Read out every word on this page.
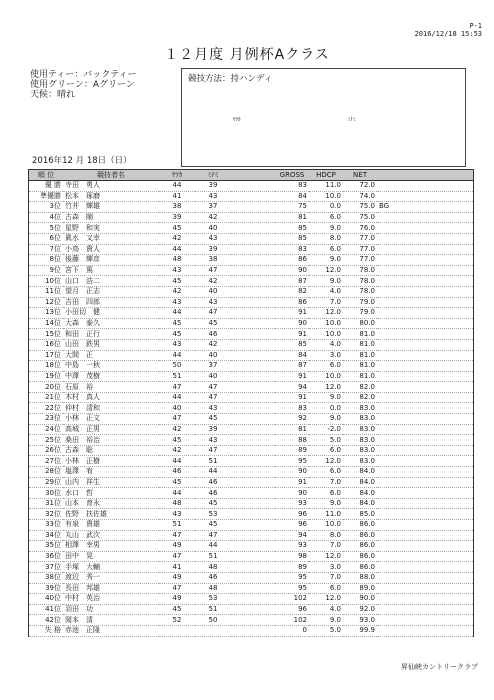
P-1
2016/12/18 15:53
１２月度 月例杯Aクラス
使用ティー：バックティー
使用グリーン：Aグリーン
天候：晴れ
競技方法：持ハンディ
ﾔﾜｶ	ﾐﾅﾐ
2016年12 月 18日（日）
順 位	競技者名	ﾔﾜｶ	ﾐﾅﾐ		GROSS	HDCP	NET	
優 勝	寺田　勇人	44	39		83	11.0	72.0	
準優勝	松本　琢磨	41	43		84	10.0	74.0	
3位	竹井　輝雄	38	37		75	0.0	75.0	BG
4位	古森　剛	39	42		81	6.0	75.0	
5位	星野　和実	45	40		85	9.0	76.0	
6位	眞水　又幸	42	43		85	8.0	77.0	
7位	小鳥　貴人	44	39		83	6.0	77.0	
8位	後藤　輝彦	48	38		86	9.0	77.0	
9位	宮下　篤	43	47		90	12.0	78.0	
10位	山口　浩二	45	42		87	9.0	78.0	
11位	望月　正志	42	40		82	4.0	78.0	
12位	吉田　四郎	43	43		86	7.0	79.0	
13位	小田切　健	44	47		91	12.0	79.0	
14位	大森　泰久	45	45		90	10.0	80.0	
15位	和田　正行	45	46		91	10.0	81.0	
16位	山田　鉄男	43	42		85	4.0	81.0	
17位	大間　正	44	40		84	3.0	81.0	
18位	中島　一秋	50	37		87	6.0	81.0	
19位	中澤　茂樹	51	40		91	10.0	81.0	
20位	石原　裕	47	47		94	12.0	82.0	
21位	木村　真人	44	47		91	9.0	82.0	
22位	仲村　清和	40	43		83	0.0	83.0	
23位	小林　正文	47	45		92	9.0	83.0	
24位	高城　正男	42	39		81	-2.0	83.0	
25位	桑田　裕治	45	43		88	5.0	83.0	
26位	古森　聡	42	47		89	6.0	83.0	
27位	小林　正樹	44	51		95	12.0	83.0	
28位	塩澤　宥	46	44		90	6.0	84.0	
29位	山内　祥生	45	46		91	7.0	84.0	
30位	水口　哲	44	46		90	6.0	84.0	
31位	山本　育永	48	45		93	9.0	84.0	
32位	佐野　扶佐雄	43	53		96	11.0	85.0	
33位	有泉　貴雄	51	45		96	10.0	86.0	
34位	丸山　武次	47	47		94	8.0	86.0	
35位	相澤　幸男	49	44		93	7.0	86.0	
36位	田中　晃	47	51		98	12.0	86.0	
37位	手塚　大輔	41	48		89	3.0	86.0	
38位	渡辺　秀一	49	46		95	7.0	88.0	
39位	長田　邦雄	47	48		95	6.0	89.0	
40位	中村　英治	49	53		102	12.0	90.0	
41位	羽田　功	45	51		96	4.0	92.0	
42位	岡本　清	52	50		102	9.0	93.0	
失 格	赤池　正隆				0	5.0	99.9	
昇仙峡カントリークラブ
